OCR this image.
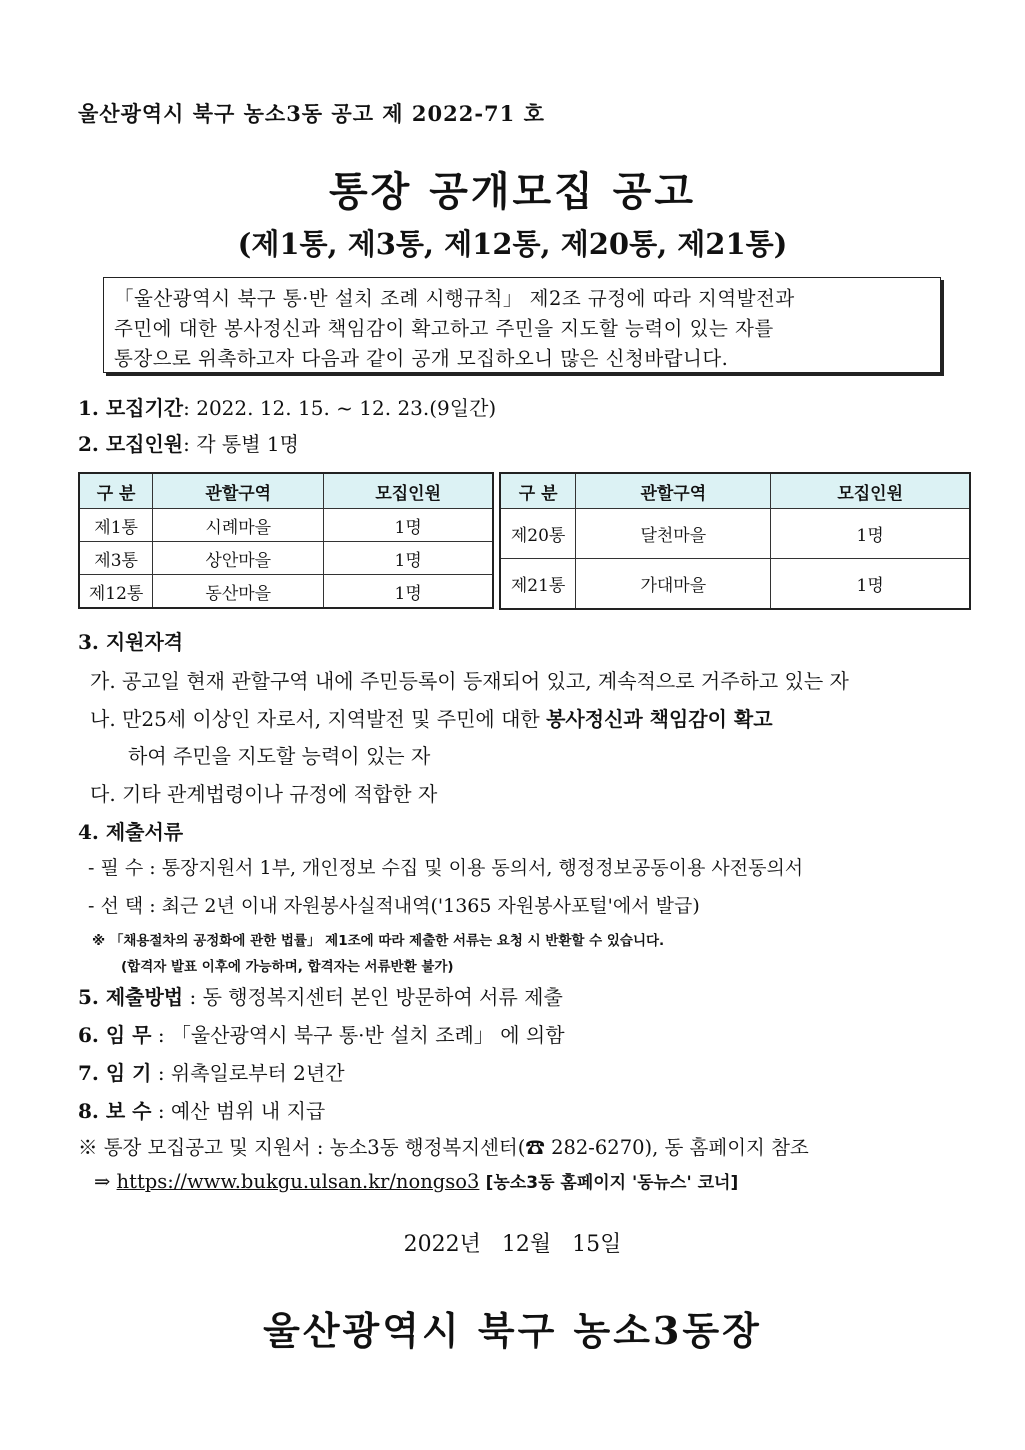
울산광역시 북구 농소3동 공고 제 2022-71 호
통장 공개모집 공고
(제1통, 제3통, 제12통, 제20통, 제21통)
「울산광역시 북구 통·반 설치 조례 시행규칙」 제2조 규정에 따라 지역발전과
주민에 대한 봉사정신과 책임감이 확고하고 주민을 지도할 능력이 있는 자를
통장으로 위촉하고자 다음과 같이 공개 모집하오니 많은 신청바랍니다.
1. 모집기간: 2022. 12. 15. ~ 12. 23.(9일간)
2. 모집인원: 각 통별 1명
구 분	관할구역	모집인원
제1통	시례마을	1명
제3통	상안마을	1명
제12통	동산마을	1명
구 분	관할구역	모집인원
제20통	달천마을	1명
제21통	가대마을	1명
3. 지원자격
가. 공고일 현재 관할구역 내에 주민등록이 등재되어 있고, 계속적으로 거주하고 있는 자
나. 만25세 이상인 자로서, 지역발전 및 주민에 대한 봉사정신과 책임감이 확고
하여 주민을 지도할 능력이 있는 자
다. 기타 관계법령이나 규정에 적합한 자
4. 제출서류
- 필 수 : 통장지원서 1부, 개인정보 수집 및 이용 동의서, 행정정보공동이용 사전동의서
- 선 택 : 최근 2년 이내 자원봉사실적내역('1365 자원봉사포털'에서 발급)
※ 「채용절차의 공정화에 관한 법률」 제1조에 따라 제출한 서류는 요청 시 반환할 수 있습니다.
(합격자 발표 이후에 가능하며, 합격자는 서류반환 불가)
5. 제출방법 : 동 행정복지센터 본인 방문하여 서류 제출
6. 임 무 : 「울산광역시 북구 통·반 설치 조례」 에 의함
7. 임 기 : 위촉일로부터 2년간
8. 보 수 : 예산 범위 내 지급
※ 통장 모집공고 및 지원서 : 농소3동 행정복지센터(☎ 282-6270), 동 홈페이지 참조
⇒ https://www.bukgu.ulsan.kr/nongso3 [농소3동 홈페이지 '동뉴스' 코너]
2022년 12월 15일
울산광역시 북구 농소3동장
